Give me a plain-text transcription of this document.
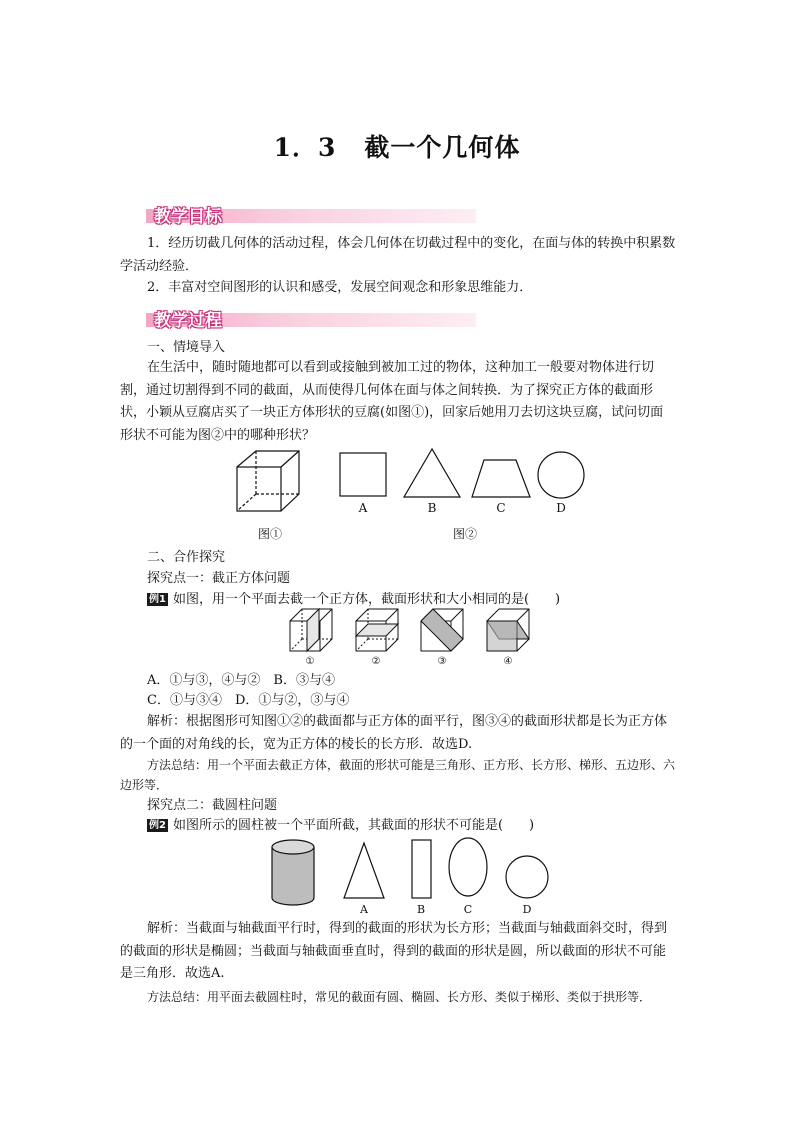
1．3 截一个几何体
教学目标
1．经历切截几何体的活动过程，体会几何体在切截过程中的变化，在面与体的转换中积累数学活动经验．
2．丰富对空间图形的认识和感受，发展空间观念和形象思维能力．
教学过程
一、情境导入
在生活中，随时随地都可以看到或接触到被加工过的物体，这种加工一般要对物体进行切割，通过切割得到不同的截面，从而使得几何体在面与体之间转换．为了探究正方体的截面形状，小颖从豆腐店买了一块正方体形状的豆腐(如图①)，回家后她用刀去切这块豆腐，试问切面形状不可能为图②中的哪种形状？
A	B	C	D
图①	图②
二、合作探究
探究点一：截正方体问题
例1 如图，用一个平面去截一个正方体，截面形状和大小相同的是(　　)
①	②	③	④
A．①与③，④与②　B．③与④
C．①与③④　D．①与②，③与④
解析：根据图形可知图①②的截面都与正方体的面平行，图③④的截面形状都是长为正方体的一个面的对角线的长，宽为正方体的棱长的长方形．故选D.
方法总结：用一个平面去截正方体，截面的形状可能是三角形、正方形、长方形、梯形、五边形、六边形等．
探究点二：截圆柱问题
例2 如图所示的圆柱被一个平面所截，其截面的形状不可能是(　　)
A	B	C	D
解析：当截面与轴截面平行时，得到的截面的形状为长方形；当截面与轴截面斜交时，得到的截面的形状是椭圆；当截面与轴截面垂直时，得到的截面的形状是圆，所以截面的形状不可能是三角形．故选A.
方法总结：用平面去截圆柱时，常见的截面有圆、椭圆、长方形、类似于梯形、类似于拱形等．
